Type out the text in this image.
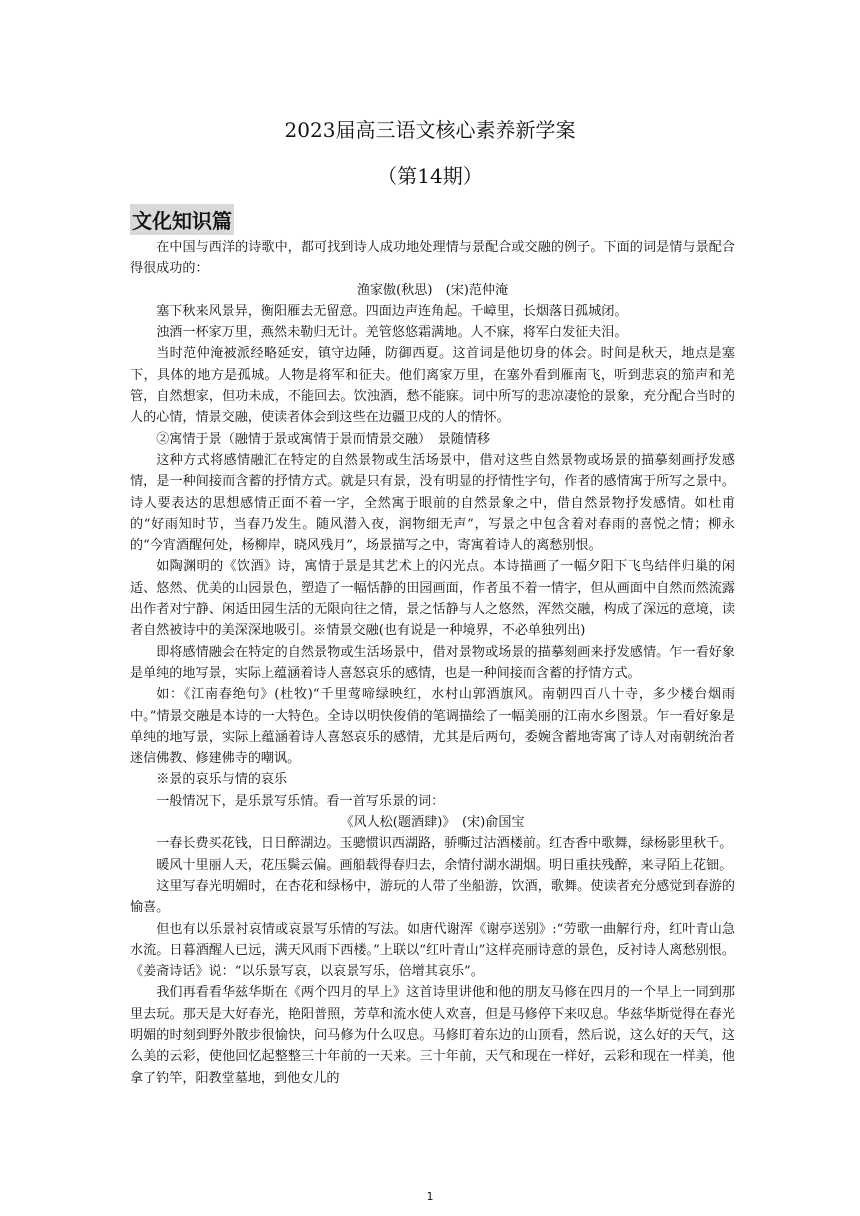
2023届高三语文核心素养新学案
（第14期）
文化知识篇

在中国与西洋的诗歌中，都可找到诗人成功地处理情与景配合或交融的例子。下面的词是情与景配合得很成功的：

渔家傲(秋思)　(宋)范仲淹

塞下秋来风景异，衡阳雁去无留意。四面边声连角起。千嶂里，长烟落日孤城闭。

浊酒一杯家万里，燕然未勒归无计。羌管悠悠霜满地。人不寐，将军白发征夫泪。

当时范仲淹被派经略延安，镇守边陲，防御西夏。这首词是他切身的体会。时间是秋天，地点是塞下，具体的地方是孤城。人物是将军和征夫。他们离家万里，在塞外看到雁南飞，听到悲哀的笳声和羌管，自然想家，但功未成，不能回去。饮浊酒，愁不能寐。词中所写的悲凉凄怆的景象，充分配合当时的人的心情，情景交融，使读者体会到这些在边疆卫戍的人的情怀。

②寓情于景（融情于景或寓情于景而情景交融）　景随情移

这种方式将感情融汇在特定的自然景物或生活场景中，借对这些自然景物或场景的描摹刻画抒发感情，是一种间接而含蓄的抒情方式。就是只有景，没有明显的抒情性字句，作者的感情寓于所写之景中。诗人要表达的思想感情正面不着一字，全然寓于眼前的自然景象之中，借自然景物抒发感情。如杜甫的“好雨知时节，当春乃发生。随风潜入夜，润物细无声”，写景之中包含着对春雨的喜悦之情；柳永的“今宵酒醒何处，杨柳岸，晓风残月”，场景描写之中，寄寓着诗人的离愁别恨。

如陶渊明的《饮酒》诗，寓情于景是其艺术上的闪光点。本诗描画了一幅夕阳下飞鸟结伴归巢的闲适、悠然、优美的山园景色，塑造了一幅恬静的田园画面，作者虽不着一情字，但从画面中自然而然流露出作者对宁静、闲适田园生活的无限向往之情，景之恬静与人之悠然，浑然交融，构成了深远的意境，读者自然被诗中的美深深地吸引。※情景交融(也有说是一种境界，不必单独列出)

即将感情融会在特定的自然景物或生活场景中，借对景物或场景的描摹刻画来抒发感情。乍一看好象是单纯的地写景，实际上蕴涵着诗人喜怒哀乐的感情，也是一种间接而含蓄的抒情方式。

如：《江南春绝句》(杜牧)“千里莺啼绿映红，水村山郭酒旗风。南朝四百八十寺，多少楼台烟雨中。”情景交融是本诗的一大特色。全诗以明快俊俏的笔调描绘了一幅美丽的江南水乡图景。乍一看好象是单纯的地写景，实际上蕴涵着诗人喜怒哀乐的感情，尤其是后两句，委婉含蓄地寄寓了诗人对南朝统治者迷信佛教、修建佛寺的嘲讽。

※景的哀乐与情的哀乐

一般情况下，是乐景写乐情。看一首写乐景的词：

《风人松(题酒肆)》　(宋)俞国宝

一春长费买花钱，日日醉湖边。玉骢惯识西湖路，骄嘶过沽酒楼前。红杏香中歌舞，绿杨影里秋千。

暖风十里丽人天，花压鬓云偏。画船载得春归去，余情付湖水湖烟。明日重扶残醉，来寻陌上花钿。

这里写春光明媚时，在杏花和绿杨中，游玩的人带了坐船游，饮酒，歌舞。使读者充分感觉到春游的愉喜。

但也有以乐景衬哀情或哀景写乐情的写法。如唐代谢浑《谢亭送别》:“劳歌一曲解行舟，红叶青山急水流。日暮酒醒人已远，满天风雨下西楼。”上联以“红叶青山”这样亮丽诗意的景色，反衬诗人离愁别恨。《姜斋诗话》说：“以乐景写哀，以哀景写乐，倍增其哀乐”。

我们再看看华兹华斯在《两个四月的早上》这首诗里讲他和他的朋友马修在四月的一个早上一同到那里去玩。那天是大好春光，艳阳普照，芳草和流水使人欢喜，但是马修停下来叹息。华兹华斯觉得在春光明媚的时刻到野外散步很愉快，问马修为什么叹息。马修盯着东边的山顶看，然后说，这么好的天气，这么美的云彩，使他回忆起整整三十年前的一天来。三十年前，天气和现在一样好，云彩和现在一样美，他拿了钓竿，阳教堂墓地，到他女儿的

1
